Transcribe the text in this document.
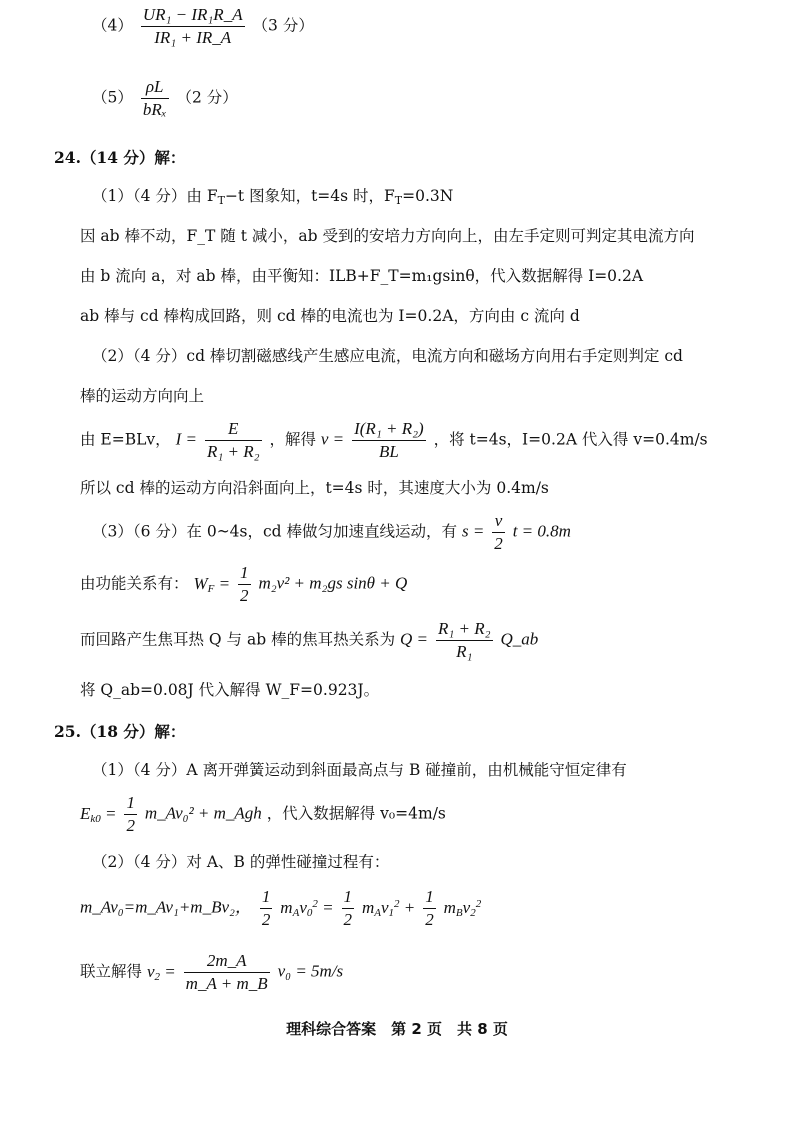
$(4) \frac{\text{UR₁ − IR₁R\_A}}{\text{IR₁ + IR\_A}} (3$ 分）
$(5) \frac{\rho L}{\text{bRₓ}} (2$ 分）
24.（14 分）解：
（1）（4 分）由 $F_T-t$ 图象知，t=4s 时，$F_T=0.3N$
因 ab 棒不动，F_T 随 t 减小，ab 受到的安培力方向向上，由左手定则可判定其电流方向
由 b 流向 a，对 ab 棒，由平衡知：ILB+F_T=m₁gsinθ，代入数据解得 I=0.2A
ab 棒与 cd 棒构成回路，则 cd 棒的电流也为 I=0.2A，方向由 c 流向 d
（2）（4 分）cd 棒切割磁感线产生感应电流，电流方向和磁场方向用右手定则判定 cd
棒的运动方向向上
由 E=BLv， $I = \frac{E}{\text{R₁ + R₂}}$ ，解得 $v = \frac{\text{I(R₁ + R₂)}}{BL}$ ，将 t=4s，I=0.2A 代入得 v=0.4m/s
所以 cd 棒的运动方向沿斜面向上，t=4s 时，其速度大小为 0.4m/s
（3）（6 分）在 0~4s，cd 棒做匀加速直线运动，有 $s = \frac{v}{2}$ t = 0.8m
由功能关系有： $W_F = \frac{1}{2} m_2v^2 + m_2gs$ sinθ + Q
而回路产生焦耳热 Q 与 ab 棒的焦耳热关系为 $Q = \frac{\text{R₁ + R₂}}{\text{R₁}}$ Q_ab
将 Q_ab=0.08J 代入解得 W_F=0.923J。
25.（18 分）解：
（1）（4 分）A 离开弹簧运动到斜面最高点与 B 碰撞前，由机械能守恒定律有
$E_{k0} = \frac{1}{2}$ m_Av₀² + m_Agh ，代入数据解得 v₀=4m/s
（2）（4 分）对 A、B 的弹性碰撞过程有：
m_Av₀=m_Av₁+m_Bv₂， $\frac{1}{2} m_Av_0^2 = \frac{1}{2} m_Av_1^2 + \frac{1}{2} m_Bv_2^2$
联立解得 $v_2 = \frac{2m\_A}{m\_A + m\_B} v_0 = 5m/s$
理科综合答案　第 2 页　共 8 页
